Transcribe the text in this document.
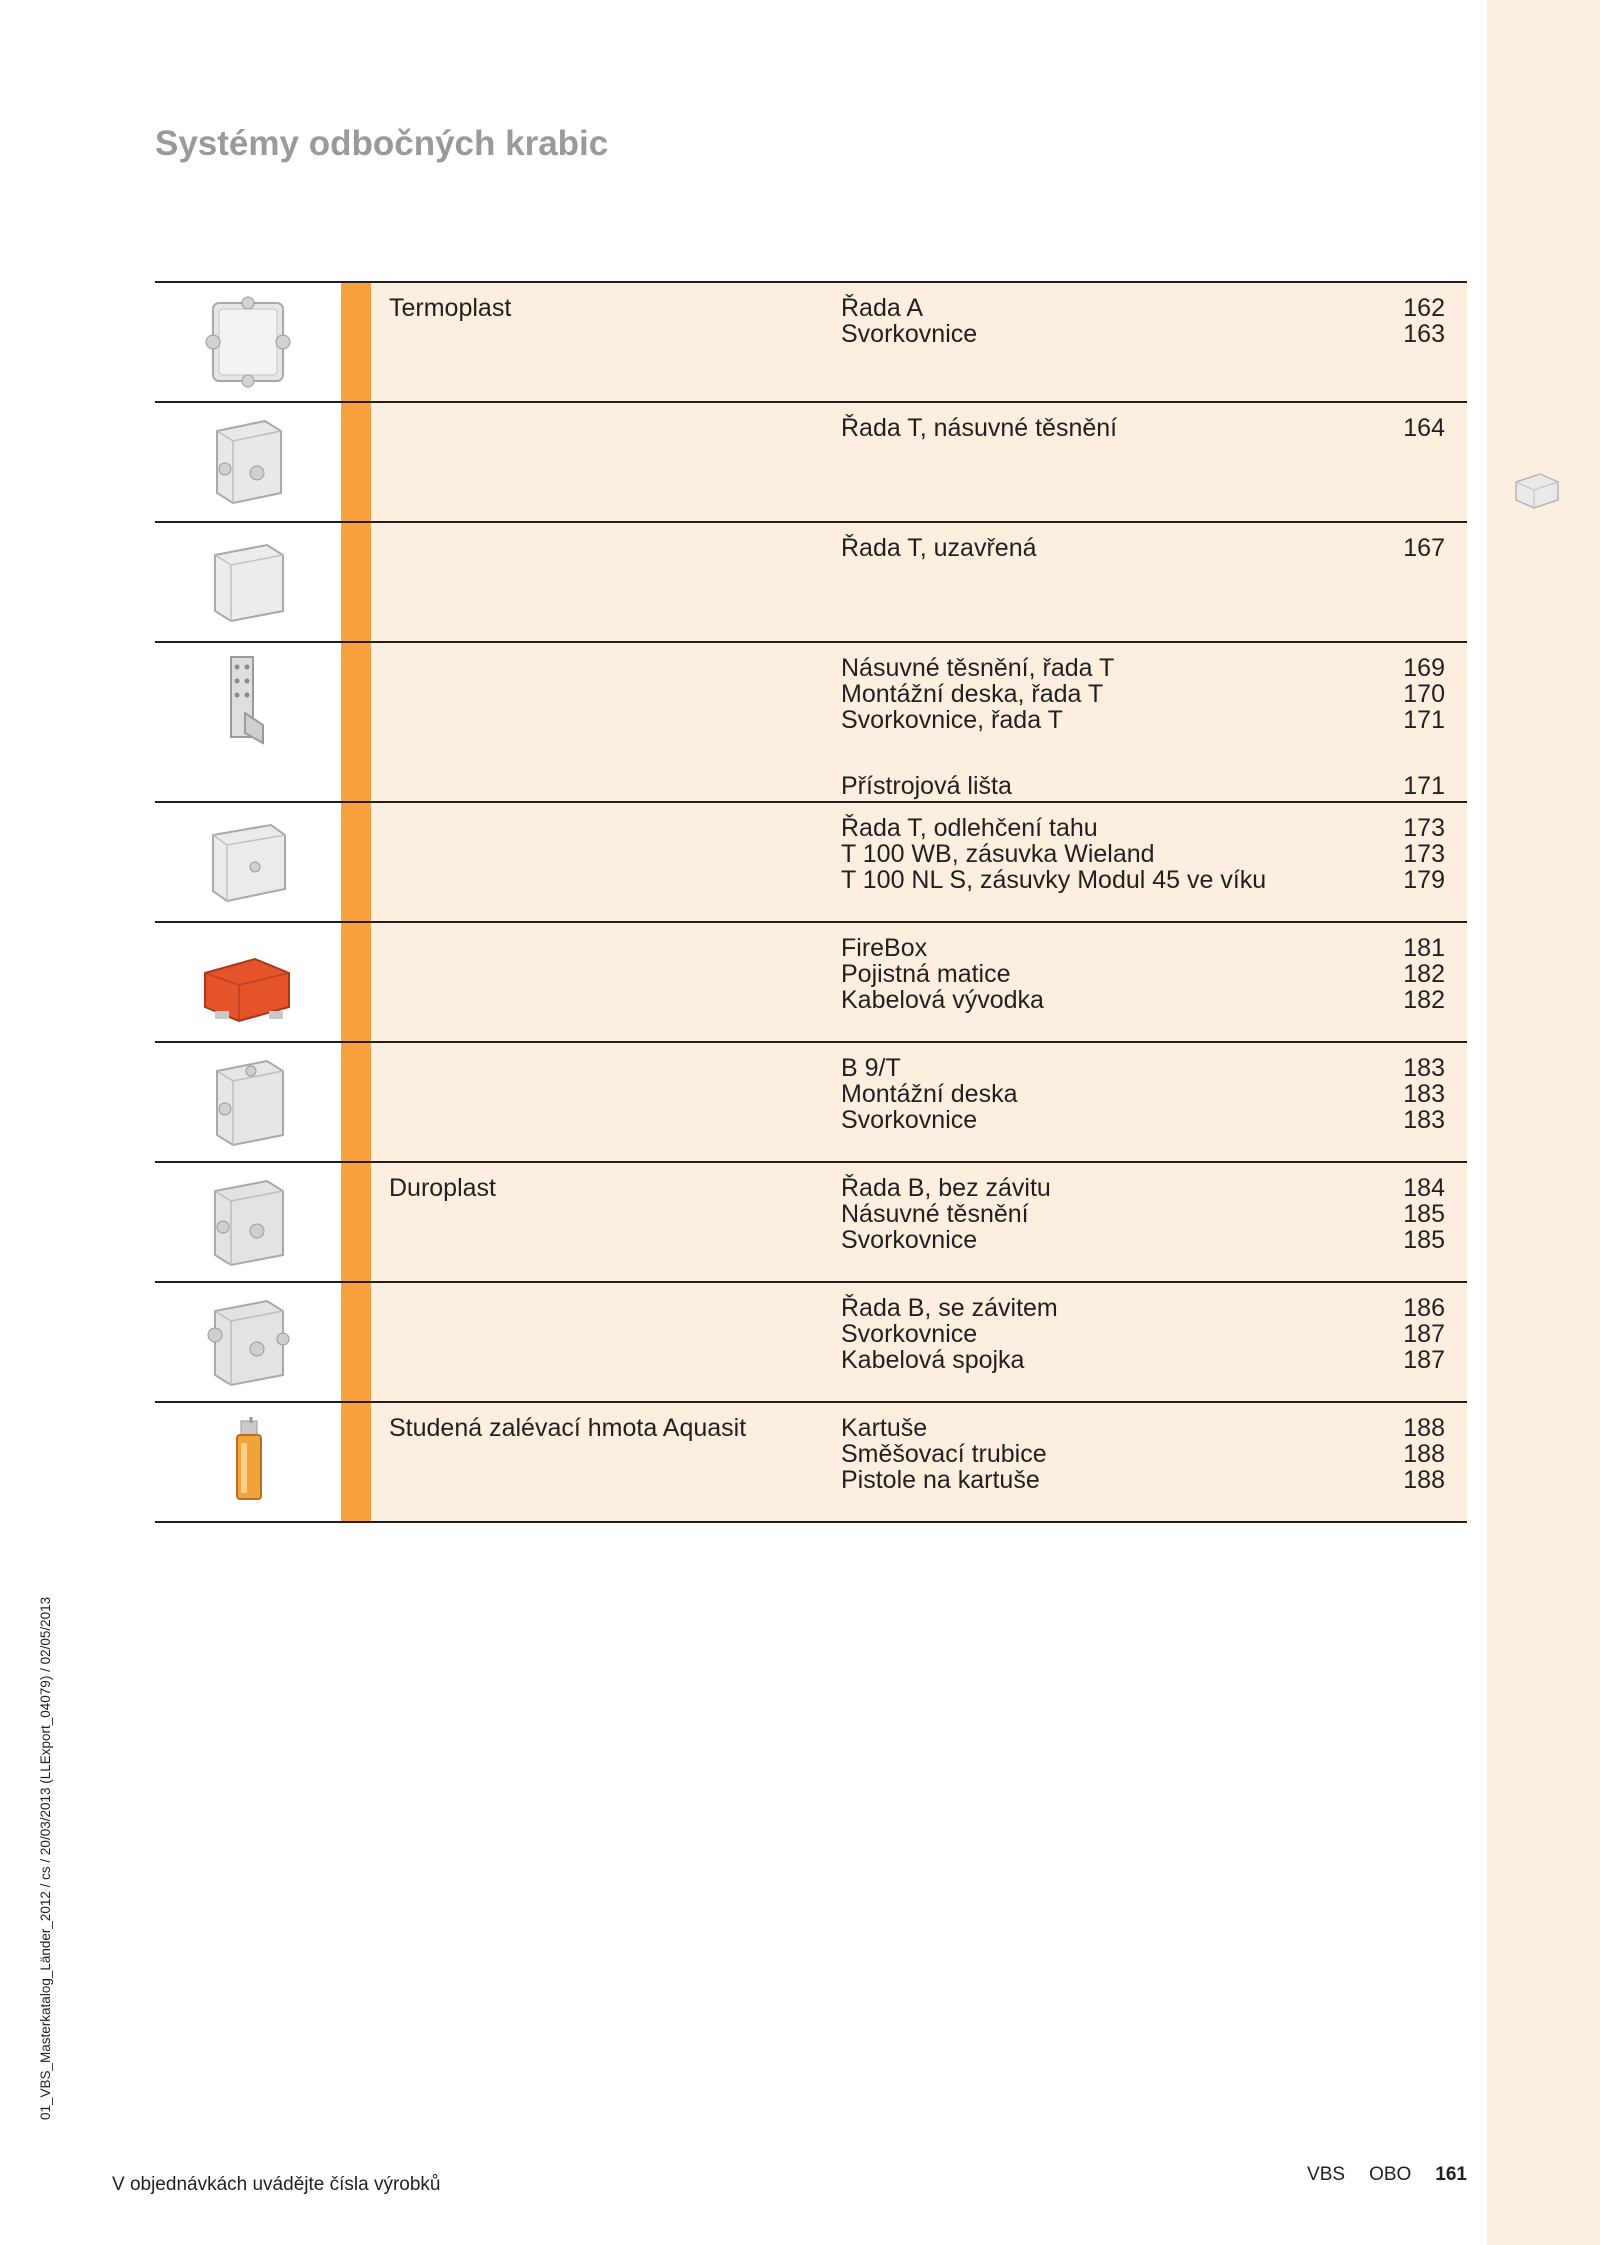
Systémy odbočných krabic
Termoplast	Řada A	162
Svorkovnice	163
Řada T, násuvné těsnění	164
Řada T, uzavřená	167
Násuvné těsnění, řada T	169
Montážní deska, řada T	170
Svorkovnice, řada T	171
Přístrojová lišta	171
Řada T, odlehčení tahu	173
T 100 WB, zásuvka Wieland	173
T 100 NL S, zásuvky Modul 45 ve víku	179
FireBox	181
Pojistná matice	182
Kabelová vývodka	182
B 9/T	183
Montážní deska	183
Svorkovnice	183
Duroplast	Řada B, bez závitu	184
Násuvné těsnění	185
Svorkovnice	185
Řada B, se závitem	186
Svorkovnice	187
Kabelová spojka	187
Studená zalévací hmota Aquasit	Kartuše	188
Směšovací trubice	188
Pistole na kartuše	188
01_VBS_Masterkatalog_Länder_2012 / cs / 20/03/2013 (LLExport_04079) / 02/05/2013
V objednávkách uvádějte čísla výrobků	VBS OBO 161
